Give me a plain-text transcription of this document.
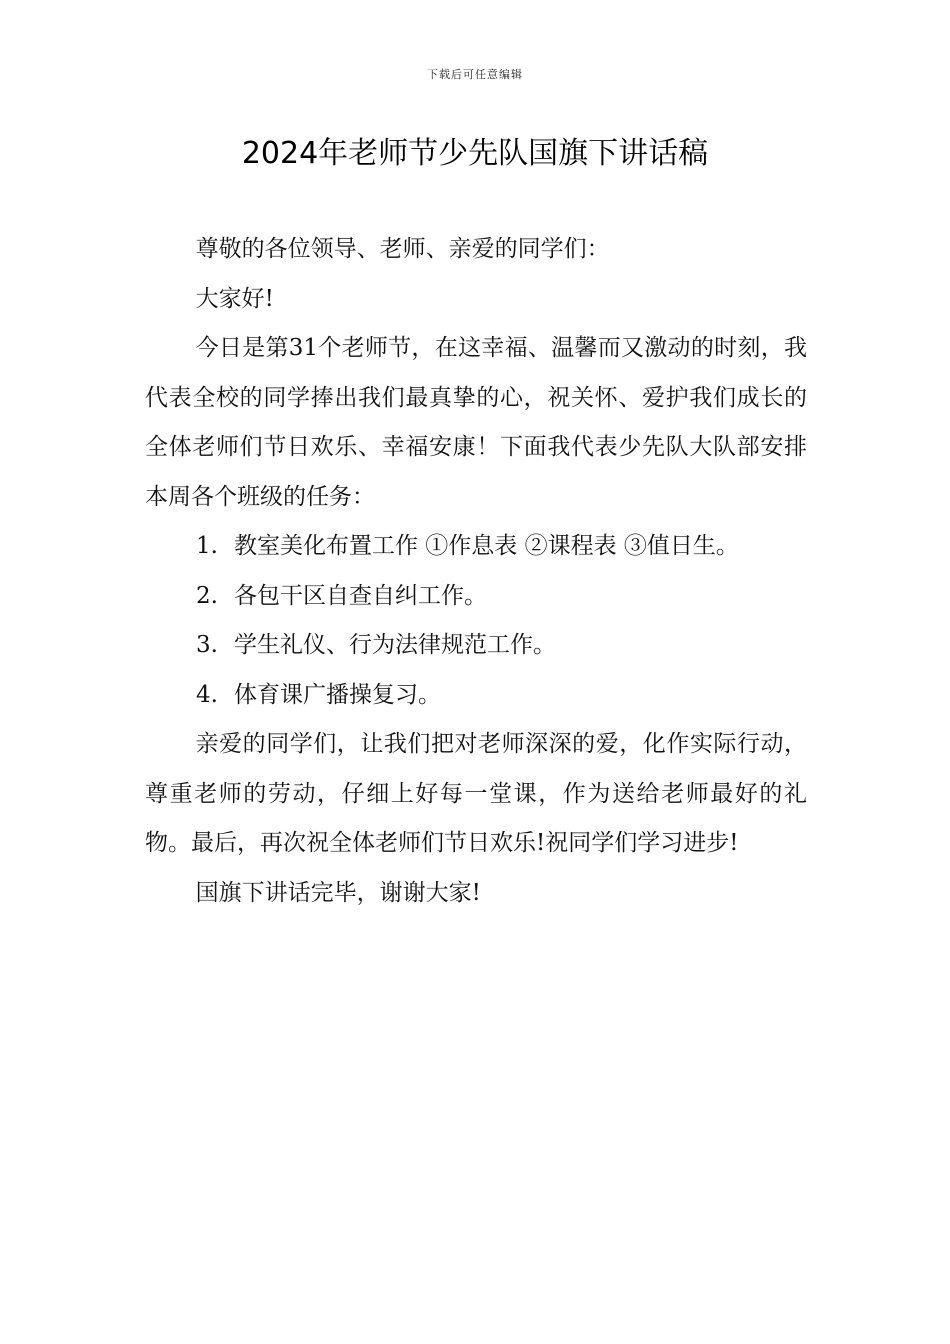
下载后可任意编辑
2024年老师节少先队国旗下讲话稿

尊敬的各位领导、老师、亲爱的同学们：

大家好!

今日是第31个老师节，在这幸福、温馨而又激动的时刻，我代表全校的同学捧出我们最真挚的心，祝关怀、爱护我们成长的全体老师们节日欢乐、幸福安康！下面我代表少先队大队部安排本周各个班级的任务：

1. 教室美化布置工作 ①作息表 ②课程表 ③值日生。

2. 各包干区自查自纠工作。

3. 学生礼仪、行为法律规范工作。

4. 体育课广播操复习。

亲爱的同学们，让我们把对老师深深的爱，化作实际行动，尊重老师的劳动，仔细上好每一堂课，作为送给老师最好的礼物。最后，再次祝全体老师们节日欢乐!祝同学们学习进步!

国旗下讲话完毕，谢谢大家!
